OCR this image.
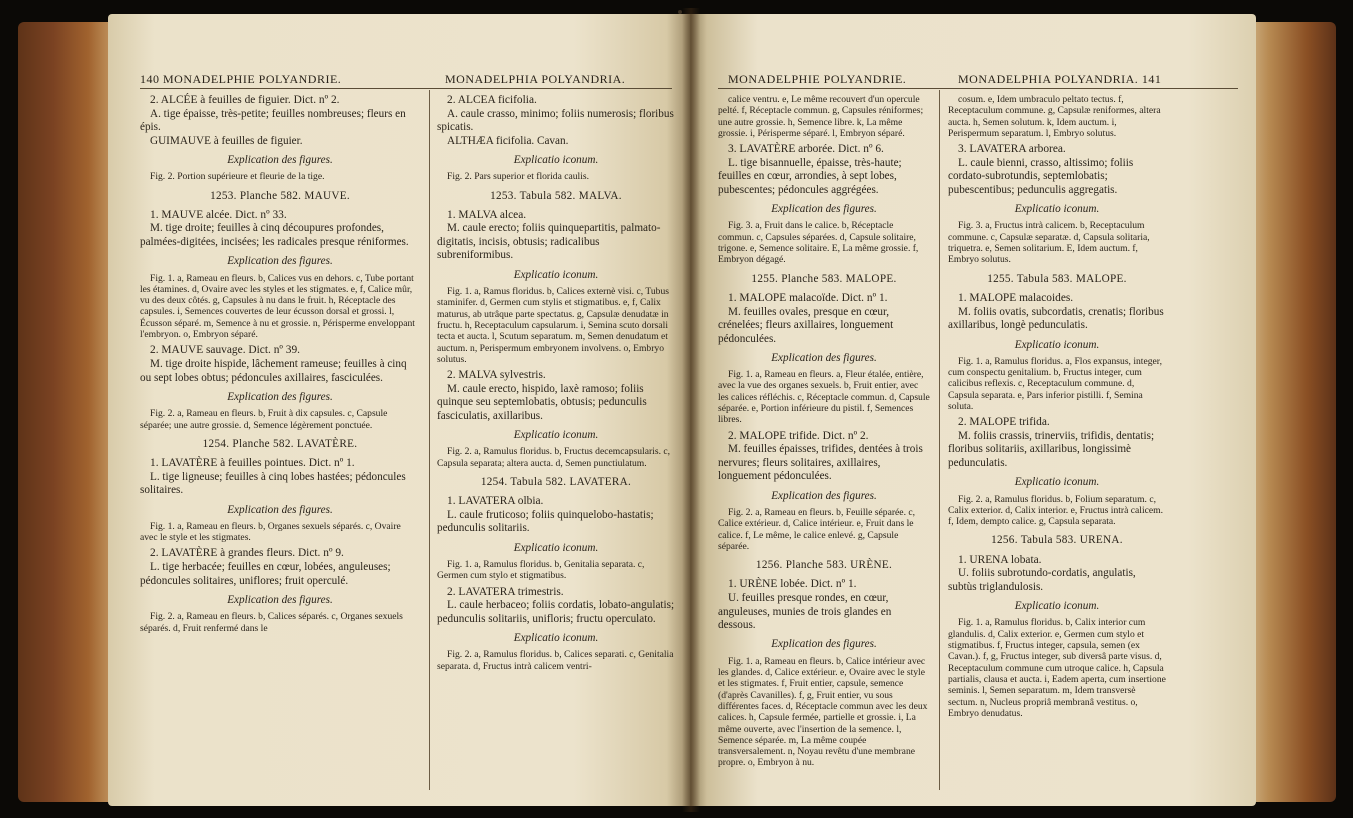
140 MONADELPHIE POLYANDRIE.	MONADELPHIA POLYANDRIA.	MONADELPHIE POLYANDRIE.	MONADELPHIA POLYANDRIA. 141
2. ALCÉE à feuilles de figuier. Dict. nº 2.
A. tige épaisse, très-petite; feuilles nombreuses; fleurs en épis.
GUIMAUVE à feuilles de figuier.
Explication des figures.
Fig. 2. Portion supérieure et fleurie de la tige.
1253. Planche 582. MAUVE.
1. MAUVE alcée. Dict. nº 33.
M. tige droite; feuilles à cinq découpures profondes, palmées-digitées, incisées; les radicales presque réniformes.
Explication des figures.
Fig. 1. a, Rameau en fleurs. b, Calices vus en dehors. c, Tube portant les étamines. d, Ovaire avec les styles et les stigmates. e, f, Calice mûr, vu des deux côtés. g, Capsules à nu dans le fruit. h, Réceptacle des capsules. i, Semences couvertes de leur écusson dorsal et grossi. l, Écusson séparé. m, Semence à nu et grossie. n, Périsperme enveloppant l'embryon. o, Embryon séparé.
2. MAUVE sauvage. Dict. nº 39.
M. tige droite hispide, lâchement rameuse; feuilles à cinq ou sept lobes obtus; pédoncules axillaires, fasciculées.
Explication des figures.
Fig. 2. a, Rameau en fleurs. b, Fruit à dix capsules. c, Capsule séparée; une autre grossie. d, Semence légèrement ponctuée.
1254. Planche 582. LAVATÈRE.
1. LAVATÈRE à feuilles pointues. Dict. nº 1.
L. tige ligneuse; feuilles à cinq lobes hastées; pédoncules solitaires.
Explication des figures.
Fig. 1. a, Rameau en fleurs. b, Organes sexuels séparés. c, Ovaire avec le style et les stigmates.
2. LAVATÈRE à grandes fleurs. Dict. nº 9.
L. tige herbacée; feuilles en cœur, lobées, anguleuses; pédoncules solitaires, uniflores; fruit operculé.
Explication des figures.
Fig. 2. a, Rameau en fleurs. b, Calices séparés. c, Organes sexuels séparés. d, Fruit renfermé dans le
2. ALCEA ficifolia.
A. caule crasso, minimo; foliis numerosis; floribus spicatis.
ALTHÆA ficifolia. Cavan.
Explicatio iconum.
Fig. 2. Pars superior et florida caulis.
1253. Tabula 582. MALVA.
1. MALVA alcea.
M. caule erecto; foliis quinquepartitis, palmato-digitatis, incisis, obtusis; radicalibus subreniformibus.
Explicatio iconum.
Fig. 1. a, Ramus floridus. b, Calices externè visi. c, Tubus staminifer. d, Germen cum stylis et stigmatibus. e, f, Calix maturus, ab utrâque parte spectatus. g, Capsulæ denudatæ in fructu. h, Receptaculum capsularum. i, Semina scuto dorsali tecta et aucta. l, Scutum separatum. m, Semen denudatum et auctum. n, Perispermum embryonem involvens. o, Embryo solutus.
2. MALVA sylvestris.
M. caule erecto, hispido, laxè ramoso; foliis quinque seu septemlobatis, obtusis; pedunculis fasciculatis, axillaribus.
Explicatio iconum.
Fig. 2. a, Ramulus floridus. b, Fructus decemcapsularis. c, Capsula separata; altera aucta. d, Semen punctiulatum.
1254. Tabula 582. LAVATERA.
1. LAVATERA olbia.
L. caule fruticoso; foliis quinquelobo-hastatis; pedunculis solitariis.
Explicatio iconum.
Fig. 1. a, Ramulus floridus. b, Genitalia separata. c, Germen cum stylo et stigmatibus.
2. LAVATERA trimestris.
L. caule herbaceo; foliis cordatis, lobato-angulatis; pedunculis solitariis, unifloris; fructu operculato.
Explicatio iconum.
Fig. 2. a, Ramulus floridus. b, Calices separati. c, Genitalia separata. d, Fructus intrà calicem ventri-
calice ventru. e, Le même recouvert d'un opercule pelté. f, Réceptacle commun. g, Capsules réniformes; une autre grossie. h, Semence libre. k, La même grossie. i, Périsperme séparé. l, Embryon séparé.
3. LAVATÈRE arborée. Dict. nº 6.
L. tige bisannuelle, épaisse, très-haute; feuilles en cœur, arrondies, à sept lobes, pubescentes; pédoncules aggrégées.
Explication des figures.
Fig. 3. a, Fruit dans le calice. b, Réceptacle commun. c, Capsules séparées. d, Capsule solitaire, trigone. e, Semence solitaire. E, La même grossie. f, Embryon dégagé.
1255. Planche 583. MALOPE.
1. MALOPE malacoïde. Dict. nº 1.
M. feuilles ovales, presque en cœur, crénelées; fleurs axillaires, longuement pédonculées.
Explication des figures.
Fig. 1. a, Rameau en fleurs. a, Fleur étalée, entière, avec la vue des organes sexuels. b, Fruit entier, avec les calices réfléchis. c, Réceptacle commun. d, Capsule séparée. e, Portion inférieure du pistil. f, Semences libres.
2. MALOPE trifide. Dict. nº 2.
M. feuilles épaisses, trifides, dentées à trois nervures; fleurs solitaires, axillaires, longuement pédonculées.
Explication des figures.
Fig. 2. a, Rameau en fleurs. b, Feuille séparée. c, Calice extérieur. d, Calice intérieur. e, Fruit dans le calice. f, Le même, le calice enlevé. g, Capsule séparée.
1256. Planche 583. URÈNE.
1. URÈNE lobée. Dict. nº 1.
U. feuilles presque rondes, en cœur, anguleuses, munies de trois glandes en dessous.
Explication des figures.
Fig. 1. a, Rameau en fleurs. b, Calice intérieur avec les glandes. d, Calice extérieur. e, Ovaire avec le style et les stigmates. f, Fruit entier, capsule, semence (d'après Cavanilles). f, g, Fruit entier, vu sous différentes faces. d, Réceptacle commun avec les deux calices. h, Capsule fermée, partielle et grossie. i, La même ouverte, avec l'insertion de la semence. l, Semence séparée. m, La même coupée transversalement. n, Noyau revêtu d'une membrane propre. o, Embryon à nu.
cosum. e, Idem umbraculo peltato tectus. f, Receptaculum commune. g, Capsulæ reniformes, altera aucta. h, Semen solutum. k, Idem auctum. i, Perispermum separatum. l, Embryo solutus.
3. LAVATERA arborea.
L. caule bienni, crasso, altissimo; foliis cordato-subrotundis, septemlobatis; pubescentibus; pedunculis aggregatis.
Explicatio iconum.
Fig. 3. a, Fructus intrà calicem. b, Receptaculum commune. c, Capsulæ separatæ. d, Capsula solitaria, triquetra. e, Semen solitarium. E, Idem auctum. f, Embryo solutus.
1255. Tabula 583. MALOPE.
1. MALOPE malacoides.
M. foliis ovatis, subcordatis, crenatis; floribus axillaribus, longè pedunculatis.
Explicatio iconum.
Fig. 1. a, Ramulus floridus. a, Flos expansus, integer, cum conspectu genitalium. b, Fructus integer, cum calicibus reflexis. c, Receptaculum commune. d, Capsula separata. e, Pars inferior pistilli. f, Semina soluta.
2. MALOPE trifida.
M. foliis crassis, trinerviis, trifidis, dentatis; floribus solitariis, axillaribus, longissimè pedunculatis.
Explicatio iconum.
Fig. 2. a, Ramulus floridus. b, Folium separatum. c, Calix exterior. d, Calix interior. e, Fructus intrà calicem. f, Idem, dempto calice. g, Capsula separata.
1256. Tabula 583. URENA.
1. URENA lobata.
U. foliis subrotundo-cordatis, angulatis, subtùs triglandulosis.
Explicatio iconum.
Fig. 1. a, Ramulus floridus. b, Calix interior cum glandulis. d, Calix exterior. e, Germen cum stylo et stigmatibus. f, Fructus integer, capsula, semen (ex Cavan.). f, g, Fructus integer, sub diversâ parte visus. d, Receptaculum commune cum utroque calice. h, Capsula partialis, clausa et aucta. i, Eadem aperta, cum insertione seminis. l, Semen separatum. m, Idem transversè sectum. n, Nucleus propriâ membranâ vestitus. o, Embryo denudatus.
